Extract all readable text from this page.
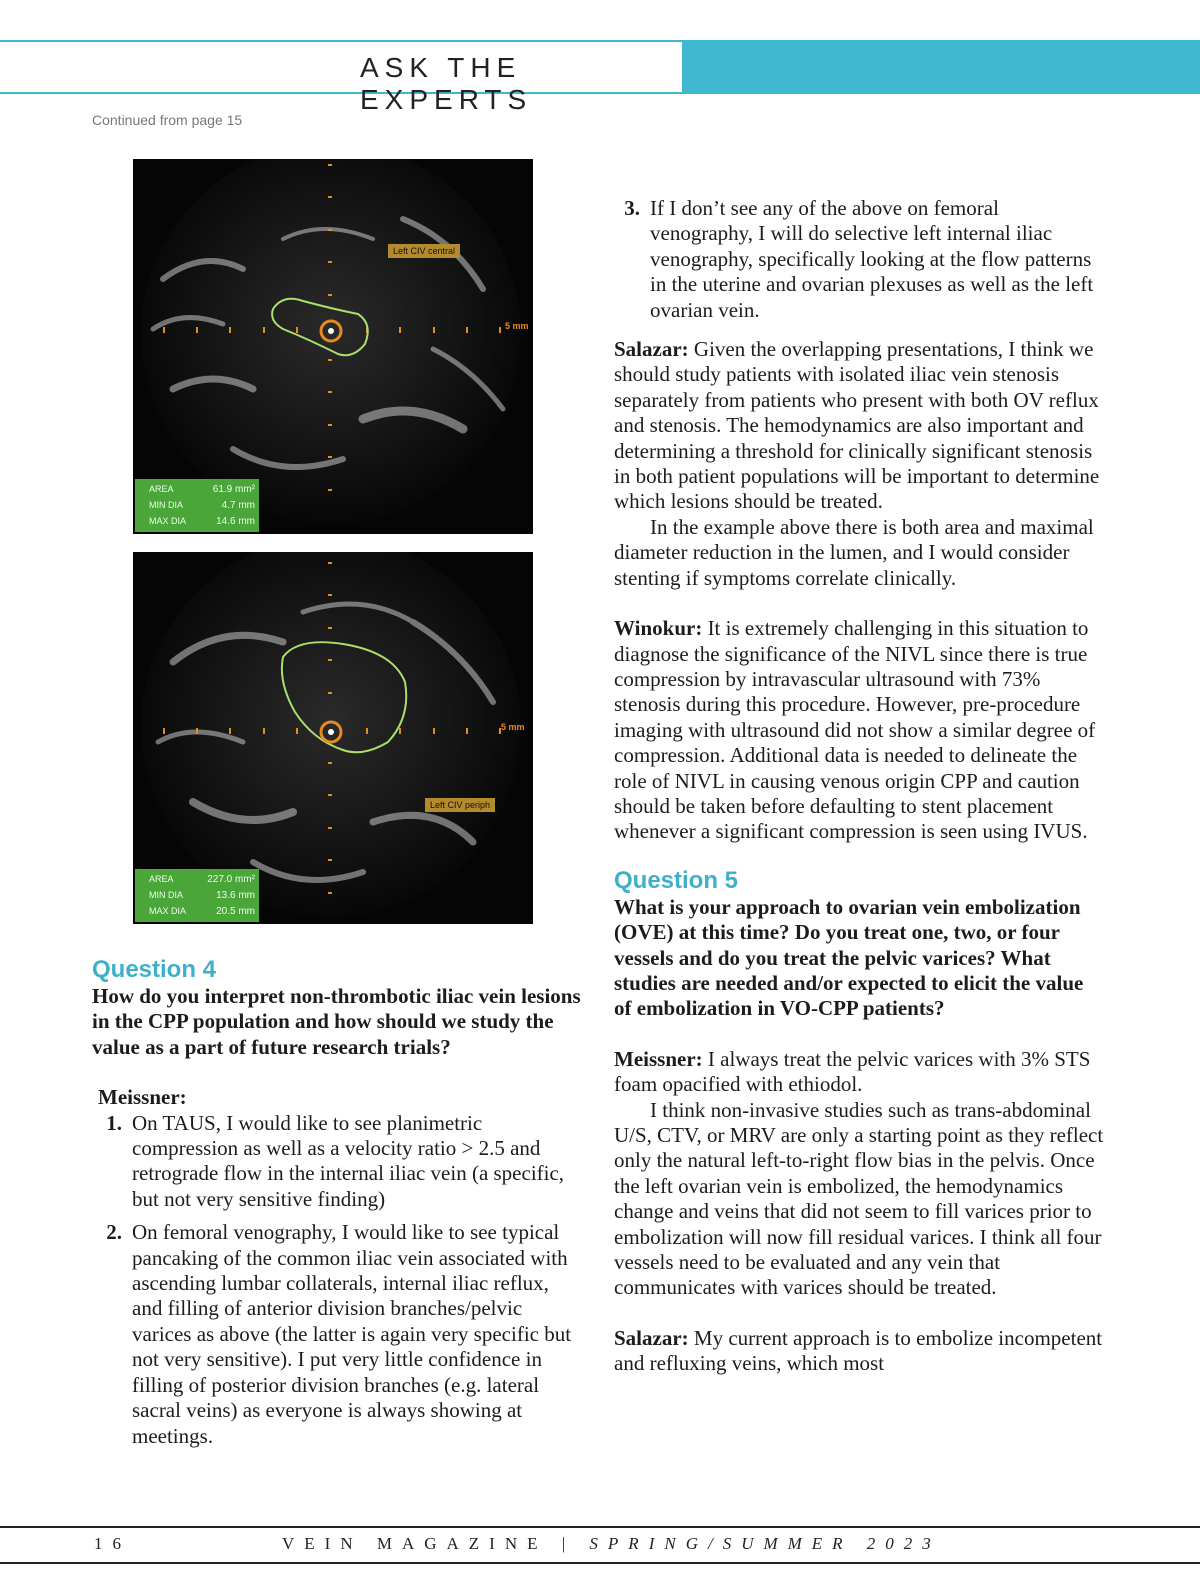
ASK THE EXPERTS
Continued from page 15
Left CIV central
5 mm
AREA	61.9 mm²
MIN DIA	4.7 mm
MAX DIA	14.6 mm
Left CIV periph
5 mm
AREA	227.0 mm²
MIN DIA	13.6 mm
MAX DIA	20.5 mm
Question 4

How do you interpret non-thrombotic iliac vein lesions in the CPP population and how should we study the value as a part of future research trials?

Meissner:

1. On TAUS, I would like to see planimetric compression as well as a velocity ratio > 2.5 and retrograde flow in the internal iliac vein (a specific, but not very sensitive finding)
2. On femoral venography, I would like to see typical pancaking of the common iliac vein associated with ascending lumbar collaterals, internal iliac reflux, and filling of anterior division branches/pelvic varices as above (the latter is again very specific but not very sensitive). I put very little confidence in filling of posterior division branches (e.g. lateral sacral veins) as everyone is always showing at meetings.
3. If I don’t see any of the above on femoral venography, I will do selective left internal iliac venography, specifically looking at the flow patterns in the uterine and ovarian plexuses as well as the left ovarian vein.

Salazar: Given the overlapping presentations, I think we should study patients with isolated iliac vein stenosis separately from patients who present with both OV reflux and stenosis. The hemodynamics are also important and determining a threshold for clinically significant stenosis in both patient populations will be important to determine which lesions should be treated.

In the example above there is both area and maximal diameter reduction in the lumen, and I would consider stenting if symptoms correlate clinically.

Winokur: It is extremely challenging in this situation to diagnose the significance of the NIVL since there is true compression by intravascular ultrasound with 73% stenosis during this procedure. However, pre-procedure imaging with ultrasound did not show a similar degree of compression. Additional data is needed to delineate the role of NIVL in causing venous origin CPP and caution should be taken before defaulting to stent placement whenever a significant compression is seen using IVUS.

Question 5

What is your approach to ovarian vein embolization (OVE) at this time? Do you treat one, two, or four vessels and do you treat the pelvic varices? What studies are needed and/or expected to elicit the value of embolization in VO-CPP patients?

Meissner: I always treat the pelvic varices with 3% STS foam opacified with ethiodol.

I think non-invasive studies such as trans-abdominal U/S, CTV, or MRV are only a starting point as they reflect only the natural left-to-right flow bias in the pelvis. Once the left ovarian vein is embolized, the hemodynamics change and veins that did not seem to fill varices prior to embolization will now fill residual varices. I think all four vessels need to be evaluated and any vein that communicates with varices should be treated.

Salazar: My current approach is to embolize incompetent and refluxing veins, which most

16	VEIN MAGAZINE | SPRING/SUMMER 2023
